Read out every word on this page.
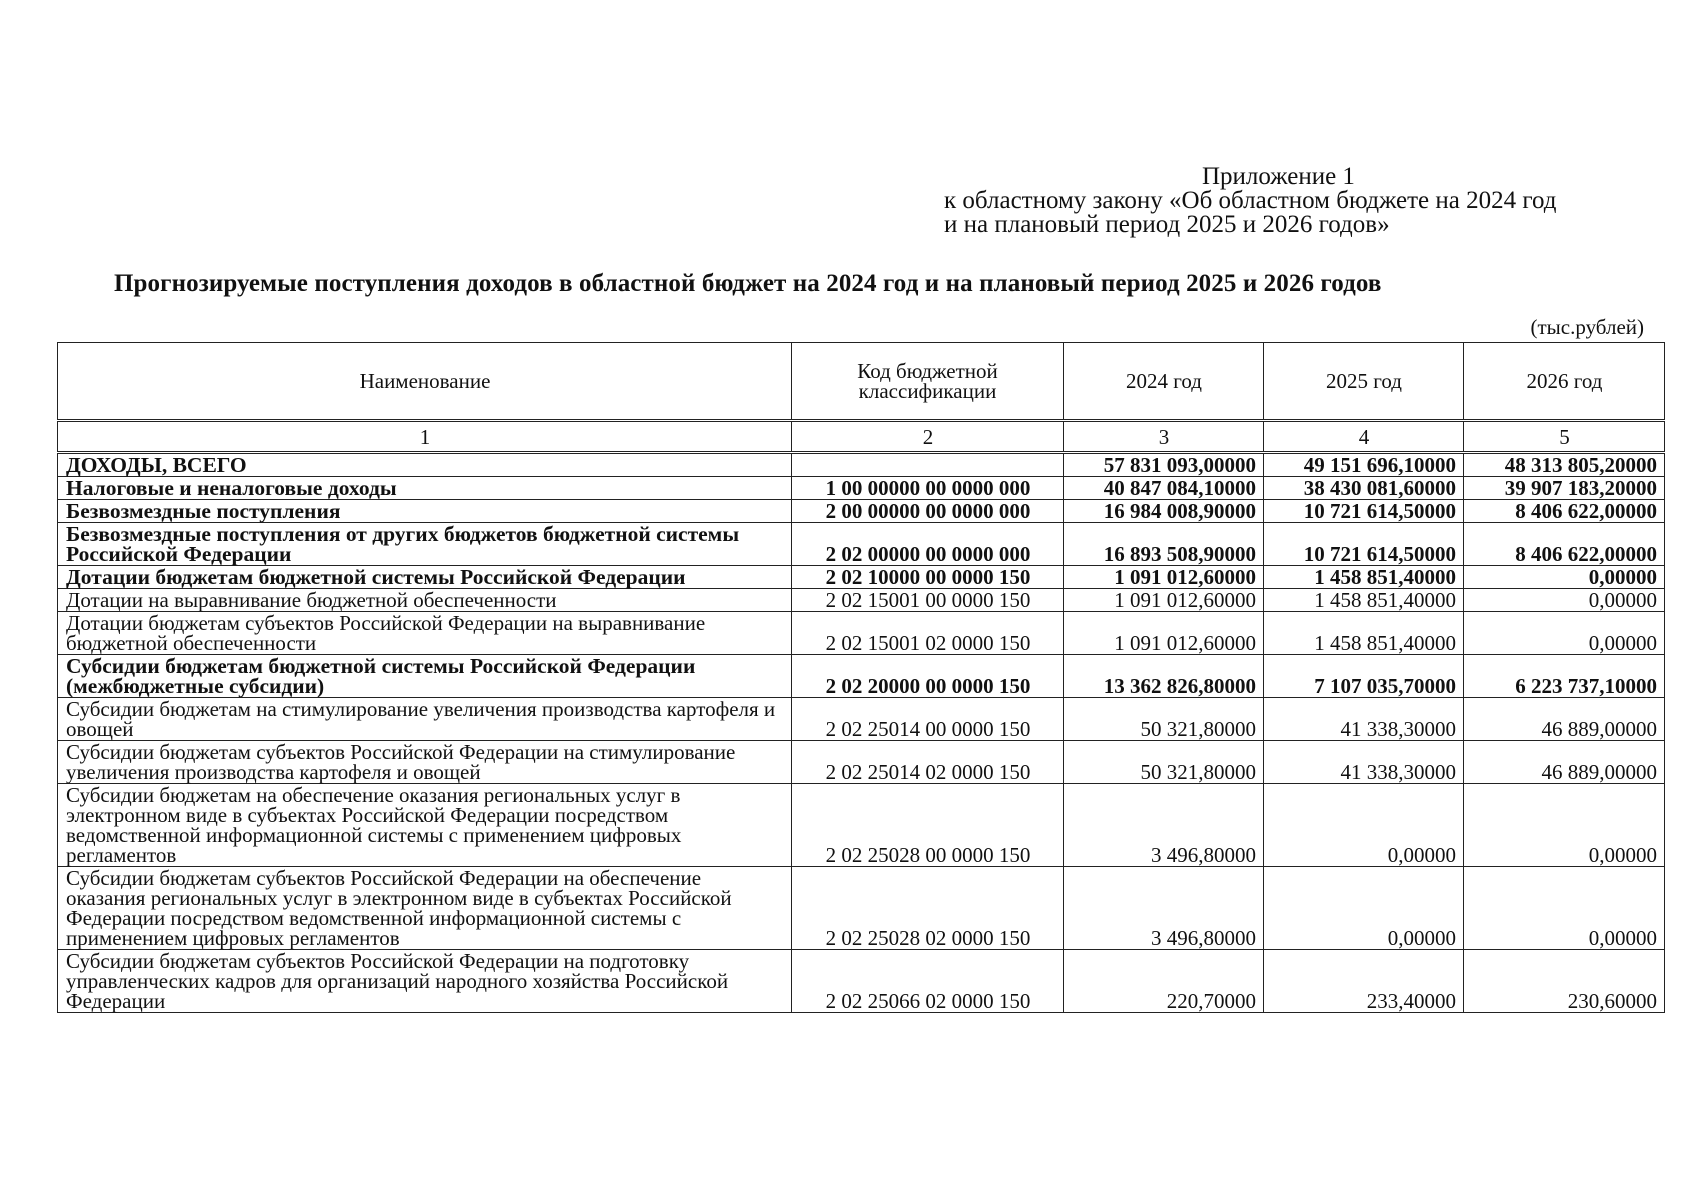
Приложение 1
к областному закону «Об областном бюджете на 2024 год
и на плановый период 2025 и 2026 годов»
Прогнозируемые поступления доходов в областной бюджет на 2024 год и на плановый период 2025 и 2026 годов
(тыс.рублей)
Наименование	Код бюджетной классификации	2024 год	2025 год	2026 год
1	2	3	4	5
ДОХОДЫ, ВСЕГО		57 831 093,00000	49 151 696,10000	48 313 805,20000
Налоговые и неналоговые доходы	1 00 00000 00 0000 000	40 847 084,10000	38 430 081,60000	39 907 183,20000
Безвозмездные поступления	2 00 00000 00 0000 000	16 984 008,90000	10 721 614,50000	8 406 622,00000
Безвозмездные поступления от других бюджетов бюджетной системы Российской Федерации	2 02 00000 00 0000 000	16 893 508,90000	10 721 614,50000	8 406 622,00000
Дотации бюджетам бюджетной системы Российской Федерации	2 02 10000 00 0000 150	1 091 012,60000	1 458 851,40000	0,00000
Дотации на выравнивание бюджетной обеспеченности	2 02 15001 00 0000 150	1 091 012,60000	1 458 851,40000	0,00000
Дотации бюджетам субъектов Российской Федерации на выравнивание бюджетной обеспеченности	2 02 15001 02 0000 150	1 091 012,60000	1 458 851,40000	0,00000
Субсидии бюджетам бюджетной системы Российской Федерации (межбюджетные субсидии)	2 02 20000 00 0000 150	13 362 826,80000	7 107 035,70000	6 223 737,10000
Субсидии бюджетам на стимулирование увеличения производства картофеля и овощей	2 02 25014 00 0000 150	50 321,80000	41 338,30000	46 889,00000
Субсидии бюджетам субъектов Российской Федерации на стимулирование увеличения производства картофеля и овощей	2 02 25014 02 0000 150	50 321,80000	41 338,30000	46 889,00000
Субсидии бюджетам на обеспечение оказания региональных услуг в электронном виде в субъектах Российской Федерации посредством ведомственной информационной системы с применением цифровых регламентов	2 02 25028 00 0000 150	3 496,80000	0,00000	0,00000
Субсидии бюджетам субъектов Российской Федерации на обеспечение оказания региональных услуг в электронном виде в субъектах Российской Федерации посредством ведомственной информационной системы с применением цифровых регламентов	2 02 25028 02 0000 150	3 496,80000	0,00000	0,00000
Субсидии бюджетам субъектов Российской Федерации на подготовку управленческих кадров для организаций народного хозяйства Российской Федерации	2 02 25066 02 0000 150	220,70000	233,40000	230,60000
